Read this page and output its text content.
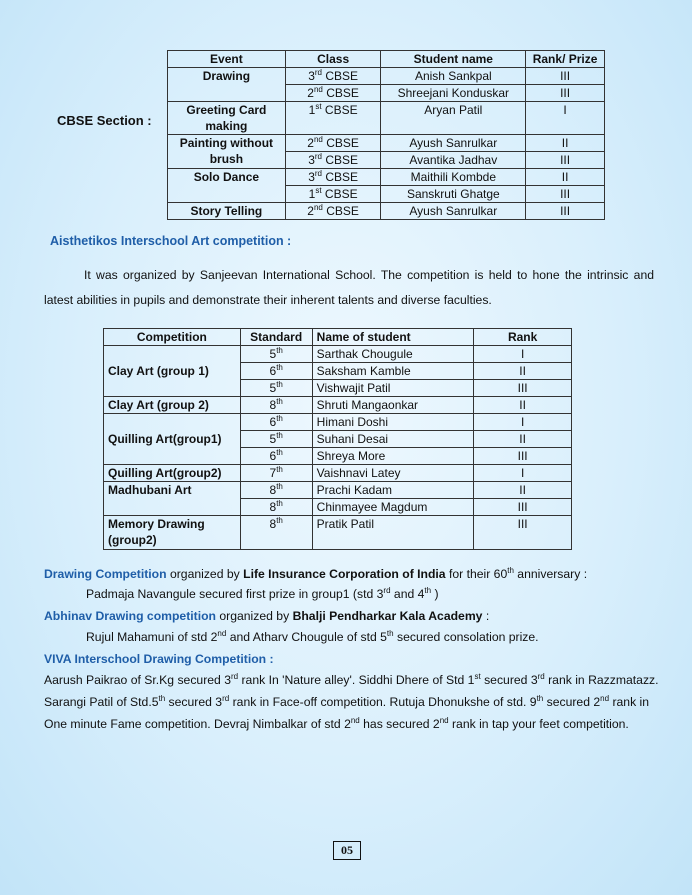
CBSE Section :
Event	Class	Student name	Rank/ Prize
Drawing	3rd CBSE	Anish Sankpal	III
	2nd CBSE	Shreejani Konduskar	III
Greeting Card making	1st CBSE	Aryan Patil	I
Painting without brush	2nd CBSE	Ayush Sanrulkar	II
	3rd CBSE	Avantika Jadhav	III
Solo Dance	3rd CBSE	Maithili Kombde	II
	1st CBSE	Sanskruti Ghatge	III
Story Telling	2nd CBSE	Ayush Sanrulkar	III
Aisthetikos Interschool Art competition :
It was organized by Sanjeevan International School. The competition is held to hone the intrinsic and latest abilities in pupils and demonstrate their inherent talents and diverse faculties.
Competition	Standard	Name of student	Rank
Clay Art (group 1)	5th	Sarthak Chougule	I
	6th	Saksham Kamble	II
	5th	Vishwajit Patil	III
Clay Art (group 2)	8th	Shruti Mangaonkar	II
Quilling Art(group1)	6th	Himani Doshi	I
	5th	Suhani Desai	II
	6th	Shreya More	III
Quilling Art(group2)	7th	Vaishnavi Latey	I
Madhubani Art	8th	Prachi Kadam	II
	8th	Chinmayee Magdum	III
Memory Drawing (group2)	8th	Pratik Patil	III
Drawing Competition organized by Life Insurance Corporation of India for their 60th anniversary :
Padmaja Navangule secured first prize in group1 (std 3rd and 4th )
Abhinav Drawing competition organized by Bhalji Pendharkar Kala Academy :
Rujul Mahamuni of std 2nd and Atharv Chougule of std 5th secured consolation prize.
VIVA Interschool Drawing Competition :
Aarush Paikrao of Sr.Kg secured 3rd rank In 'Nature alley'. Siddhi Dhere of Std 1st secured 3rd rank in Razzmatazz.
Sarangi Patil of Std.5th secured 3rd rank in Face-off competition. Rutuja Dhonukshe of std. 9th secured 2nd rank in
One minute Fame competition. Devraj Nimbalkar of std 2nd has secured 2nd rank in tap your feet competition.
05
